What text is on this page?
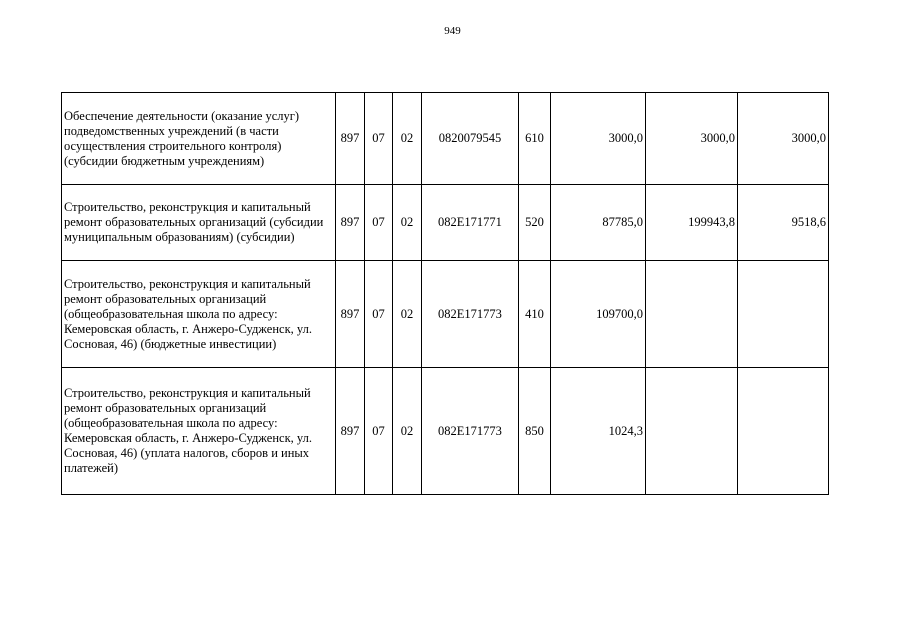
949
Обеспечение деятельности (оказание услуг) подведомственных учреждений (в части осуществления строительного контроля) (субсидии бюджетным учреждениям)	897	07	02	0820079545	610	3000,0	3000,0	3000,0
Строительство, реконструкция и капитальный ремонт образовательных организаций (субсидии муниципальным образованиям) (субсидии)	897	07	02	082E171771	520	87785,0	199943,8	9518,6
Строительство, реконструкция и капитальный ремонт образовательных организаций (общеобразовательная школа по адресу: Кемеровская область, г. Анжеро-Судженск, ул. Сосновая, 46) (бюджетные инвестиции)	897	07	02	082E171773	410	109700,0		
Строительство, реконструкция и капитальный ремонт образовательных организаций (общеобразовательная школа по адресу: Кемеровская область, г. Анжеро-Судженск, ул. Сосновая, 46) (уплата налогов, сборов и иных платежей)	897	07	02	082E171773	850	1024,3		
